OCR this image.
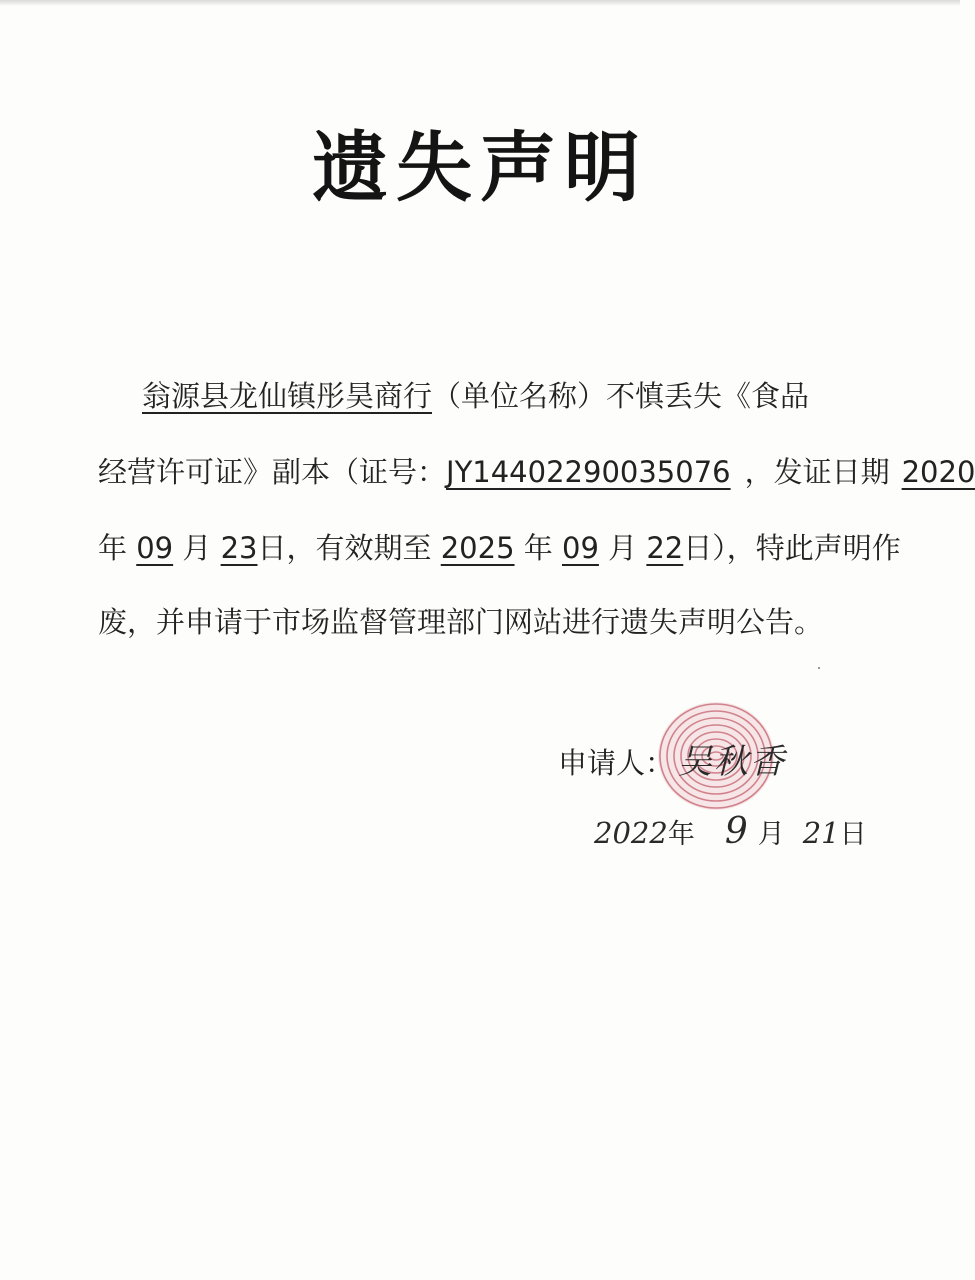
遗失声明
翁源县龙仙镇彤昊商行（单位名称）不慎丢失《食品
经营许可证》副本（证号：JY14402290035076 ，发证日期 2020
年 09 月 23日，有效期至 2025 年 09 月 22日），特此声明作
废，并申请于市场监督管理部门网站进行遗失声明公告。
申请人： 吴秋香
2022年 9 月 21日
